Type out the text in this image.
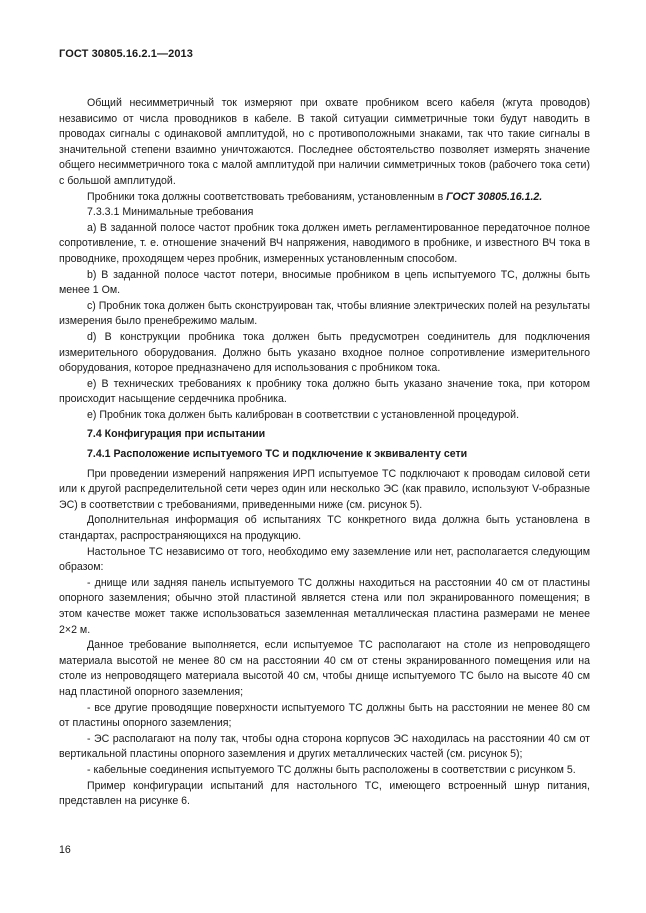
ГОСТ 30805.16.2.1—2013

Общий несимметричный ток измеряют при охвате пробником всего кабеля (жгута проводов) независимо от числа проводников в кабеле. В такой ситуации симметричные токи будут наводить в проводах сигналы с одинаковой амплитудой, но с противоположными знаками, так что такие сигналы в значительной степени взаимно уничтожаются. Последнее обстоятельство позволяет измерять значение общего несимметричного тока с малой амплитудой при наличии симметричных токов (рабочего тока сети) с большой амплитудой.

Пробники тока должны соответствовать требованиям, установленным в ГОСТ 30805.16.1.2.

7.3.3.1 Минимальные требования

а) В заданной полосе частот пробник тока должен иметь регламентированное передаточное полное сопротивление, т. е. отношение значений ВЧ напряжения, наводимого в пробнике, и известного ВЧ тока в проводнике, проходящем через пробник, измеренных установленным способом.

b) В заданной полосе частот потери, вносимые пробником в цепь испытуемого ТС, должны быть менее 1 Ом.

с) Пробник тока должен быть сконструирован так, чтобы влияние электрических полей на результаты измерения было пренебрежимо малым.

d) В конструкции пробника тока должен быть предусмотрен соединитель для подключения измерительного оборудования. Должно быть указано входное полное сопротивление измерительного оборудования, которое предназначено для использования с пробником тока.

е) В технических требованиях к пробнику тока должно быть указано значение тока, при котором происходит насыщение сердечника пробника.

е) Пробник тока должен быть калиброван в соответствии с установленной процедурой.

7.4 Конфигурация при испытании
7.4.1 Расположение испытуемого ТС и подключение к эквиваленту сети

При проведении измерений напряжения ИРП испытуемое ТС подключают к проводам силовой сети или к другой распределительной сети через один или несколько ЭС (как правило, используют V-образные ЭС) в соответствии с требованиями, приведенными ниже (см. рисунок 5).

Дополнительная информация об испытаниях ТС конкретного вида должна быть установлена в стандартах, распространяющихся на продукцию.

Настольное ТС независимо от того, необходимо ему заземление или нет, располагается следующим образом:

- днище или задняя панель испытуемого ТС должны находиться на расстоянии 40 см от пластины опорного заземления; обычно этой пластиной является стена или пол экранированного помещения; в этом качестве может также использоваться заземленная металлическая пластина размерами не менее 2×2 м.

Данное требование выполняется, если испытуемое ТС располагают на столе из непроводящего материала высотой не менее 80 см на расстоянии 40 см от стены экранированного помещения или на столе из непроводящего материала высотой 40 см, чтобы днище испытуемого ТС было на высоте 40 см над пластиной опорного заземления;

- все другие проводящие поверхности испытуемого ТС должны быть на расстоянии не менее 80 см от пластины опорного заземления;

- ЭС располагают на полу так, чтобы одна сторона корпусов ЭС находилась на расстоянии 40 см от вертикальной пластины опорного заземления и других металлических частей (см. рисунок 5);

- кабельные соединения испытуемого ТС должны быть расположены в соответствии с рисунком 5.

Пример конфигурации испытаний для настольного ТС, имеющего встроенный шнур питания, представлен на рисунке 6.

16
